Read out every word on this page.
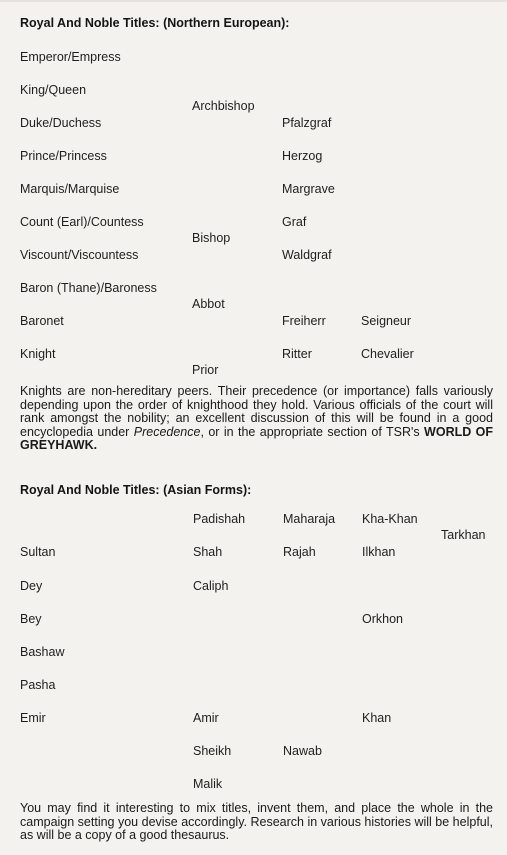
Royal And Noble Titles: (Northern European):
Emperor/Empress
King/Queen
Duke/Duchess
Prince/Princess
Marquis/Marquise
Count (Earl)/Countess
Viscount/Viscountess
Baron (Thane)/Baroness
Baronet
Knight
Archbishop
Bishop
Abbot
Prior
Pfalzgraf
Herzog
Margrave
Graf
Waldgraf
Freiherr
Ritter
Seigneur
Chevalier
Knights are non-hereditary peers. Their precedence (or importance) falls variously depending upon the order of knighthood they hold. Various officials of the court will rank amongst the nobility; an excellent discussion of this will be found in a good encyclopedia under Precedence, or in the appropriate section of TSR's WORLD OF GREYHAWK.
Royal And Noble Titles: (Asian Forms):
Sultan
Dey
Bey
Bashaw
Pasha
Emir
Padishah
Shah
Caliph
Amir
Sheikh
Malik
Maharaja
Rajah
Nawab
Kha-Khan
Ilkhan
Orkhon
Khan
Tarkhan
You may find it interesting to mix titles, invent them, and place the whole in the campaign setting you devise accordingly. Research in various histories will be helpful, as will be a copy of a good thesaurus.
